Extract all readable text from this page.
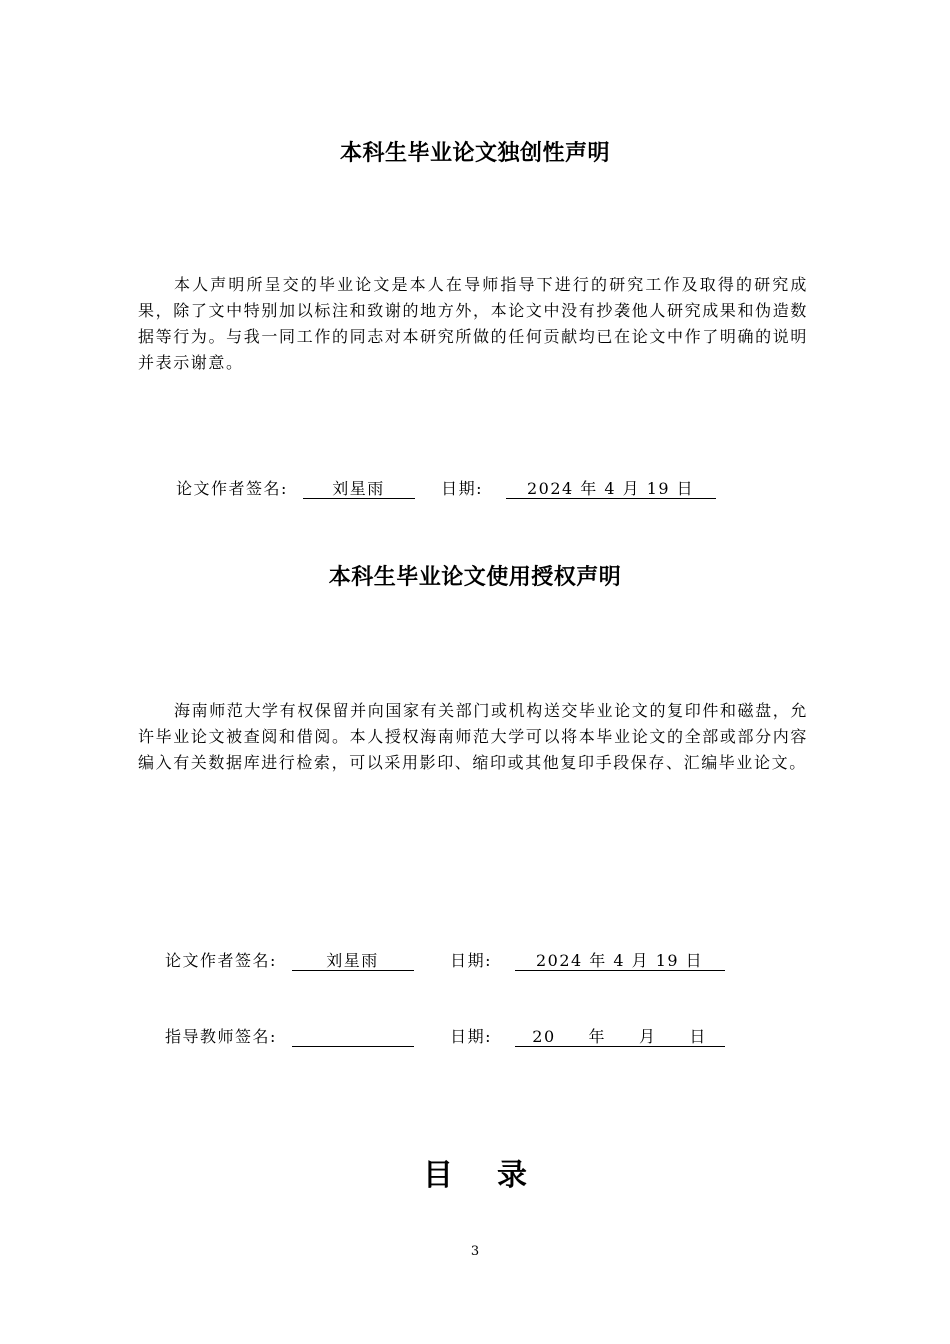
本科生毕业论文独创性声明
本人声明所呈交的毕业论文是本人在导师指导下进行的研究工作及取得的研究成果，除了文中特别加以标注和致谢的地方外，本论文中没有抄袭他人研究成果和伪造数据等行为。与我一同工作的同志对本研究所做的任何贡献均已在论文中作了明确的说明并表示谢意。
论文作者签名:	刘星雨	日期:	2024 年 4 月 19 日
本科生毕业论文使用授权声明
海南师范大学有权保留并向国家有关部门或机构送交毕业论文的复印件和磁盘，允许毕业论文被查阅和借阅。本人授权海南师范大学可以将本毕业论文的全部或部分内容编入有关数据库进行检索，可以采用影印、缩印或其他复印手段保存、汇编毕业论文。
论文作者签名:	刘星雨	日期:	2024 年 4 月 19 日
指导教师签名:	日期:	20     年     月     日
目录
3
